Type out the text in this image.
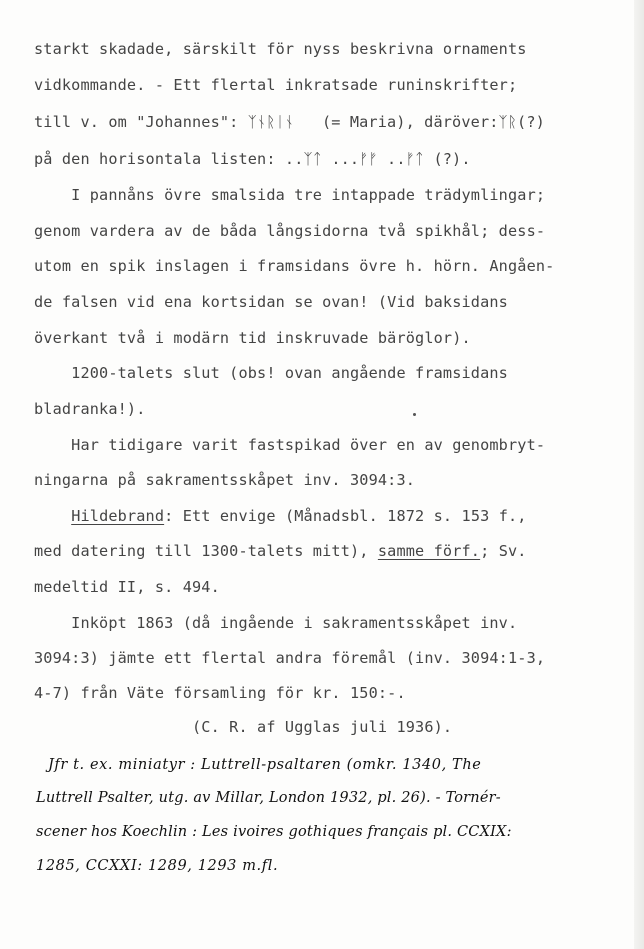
starkt skadade, särskilt för nyss beskrivna ornaments
vidkommande. - Ett flertal inkratsade runinskrifter;
till v. om "Johannes": ᛉᚾᚱᛁᚾ   (= Maria), däröver:ᛉᚱ(?)
på den horisontala listen: ..ᛉᛏ ...ᚠᚠ ..ᚠᛏ (?).
I pannåns övre smalsida tre intappade trädymlingar;
genom vardera av de båda långsidorna två spikhål; dess-
utom en spik inslagen i framsidans övre h. hörn. Angåen-
de falsen vid ena kortsidan se ovan! (Vid baksidans
överkant två i modärn tid inskruvade bäröglor).
1200-talets slut (obs! ovan angående framsidans
bladranka!).
Har tidigare varit fastspikad över en av genombryt-
ningarna på sakramentsskåpet inv. 3094:3.
Hildebrand: Ett envige (Månadsbl. 1872 s. 153 f.,
med datering till 1300-talets mitt), samme förf.; Sv.
medeltid II, s. 494.
Inköpt 1863 (då ingående i sakramentsskåpet inv.
3094:3) jämte ett flertal andra föremål (inv. 3094:1-3,
4-7) från Väte församling för kr. 150:-.
(C. R. af Ugglas juli 1936).
Jfr t. ex. miniatyr : Luttrell-psaltaren (omkr. 1340, The
Luttrell Psalter, utg. av Millar, London 1932, pl. 26). - Tornér-
scener hos Koechlin : Les ivoires gothiques français pl. CCXIX:
1285, CCXXI: 1289, 1293 m.fl.
